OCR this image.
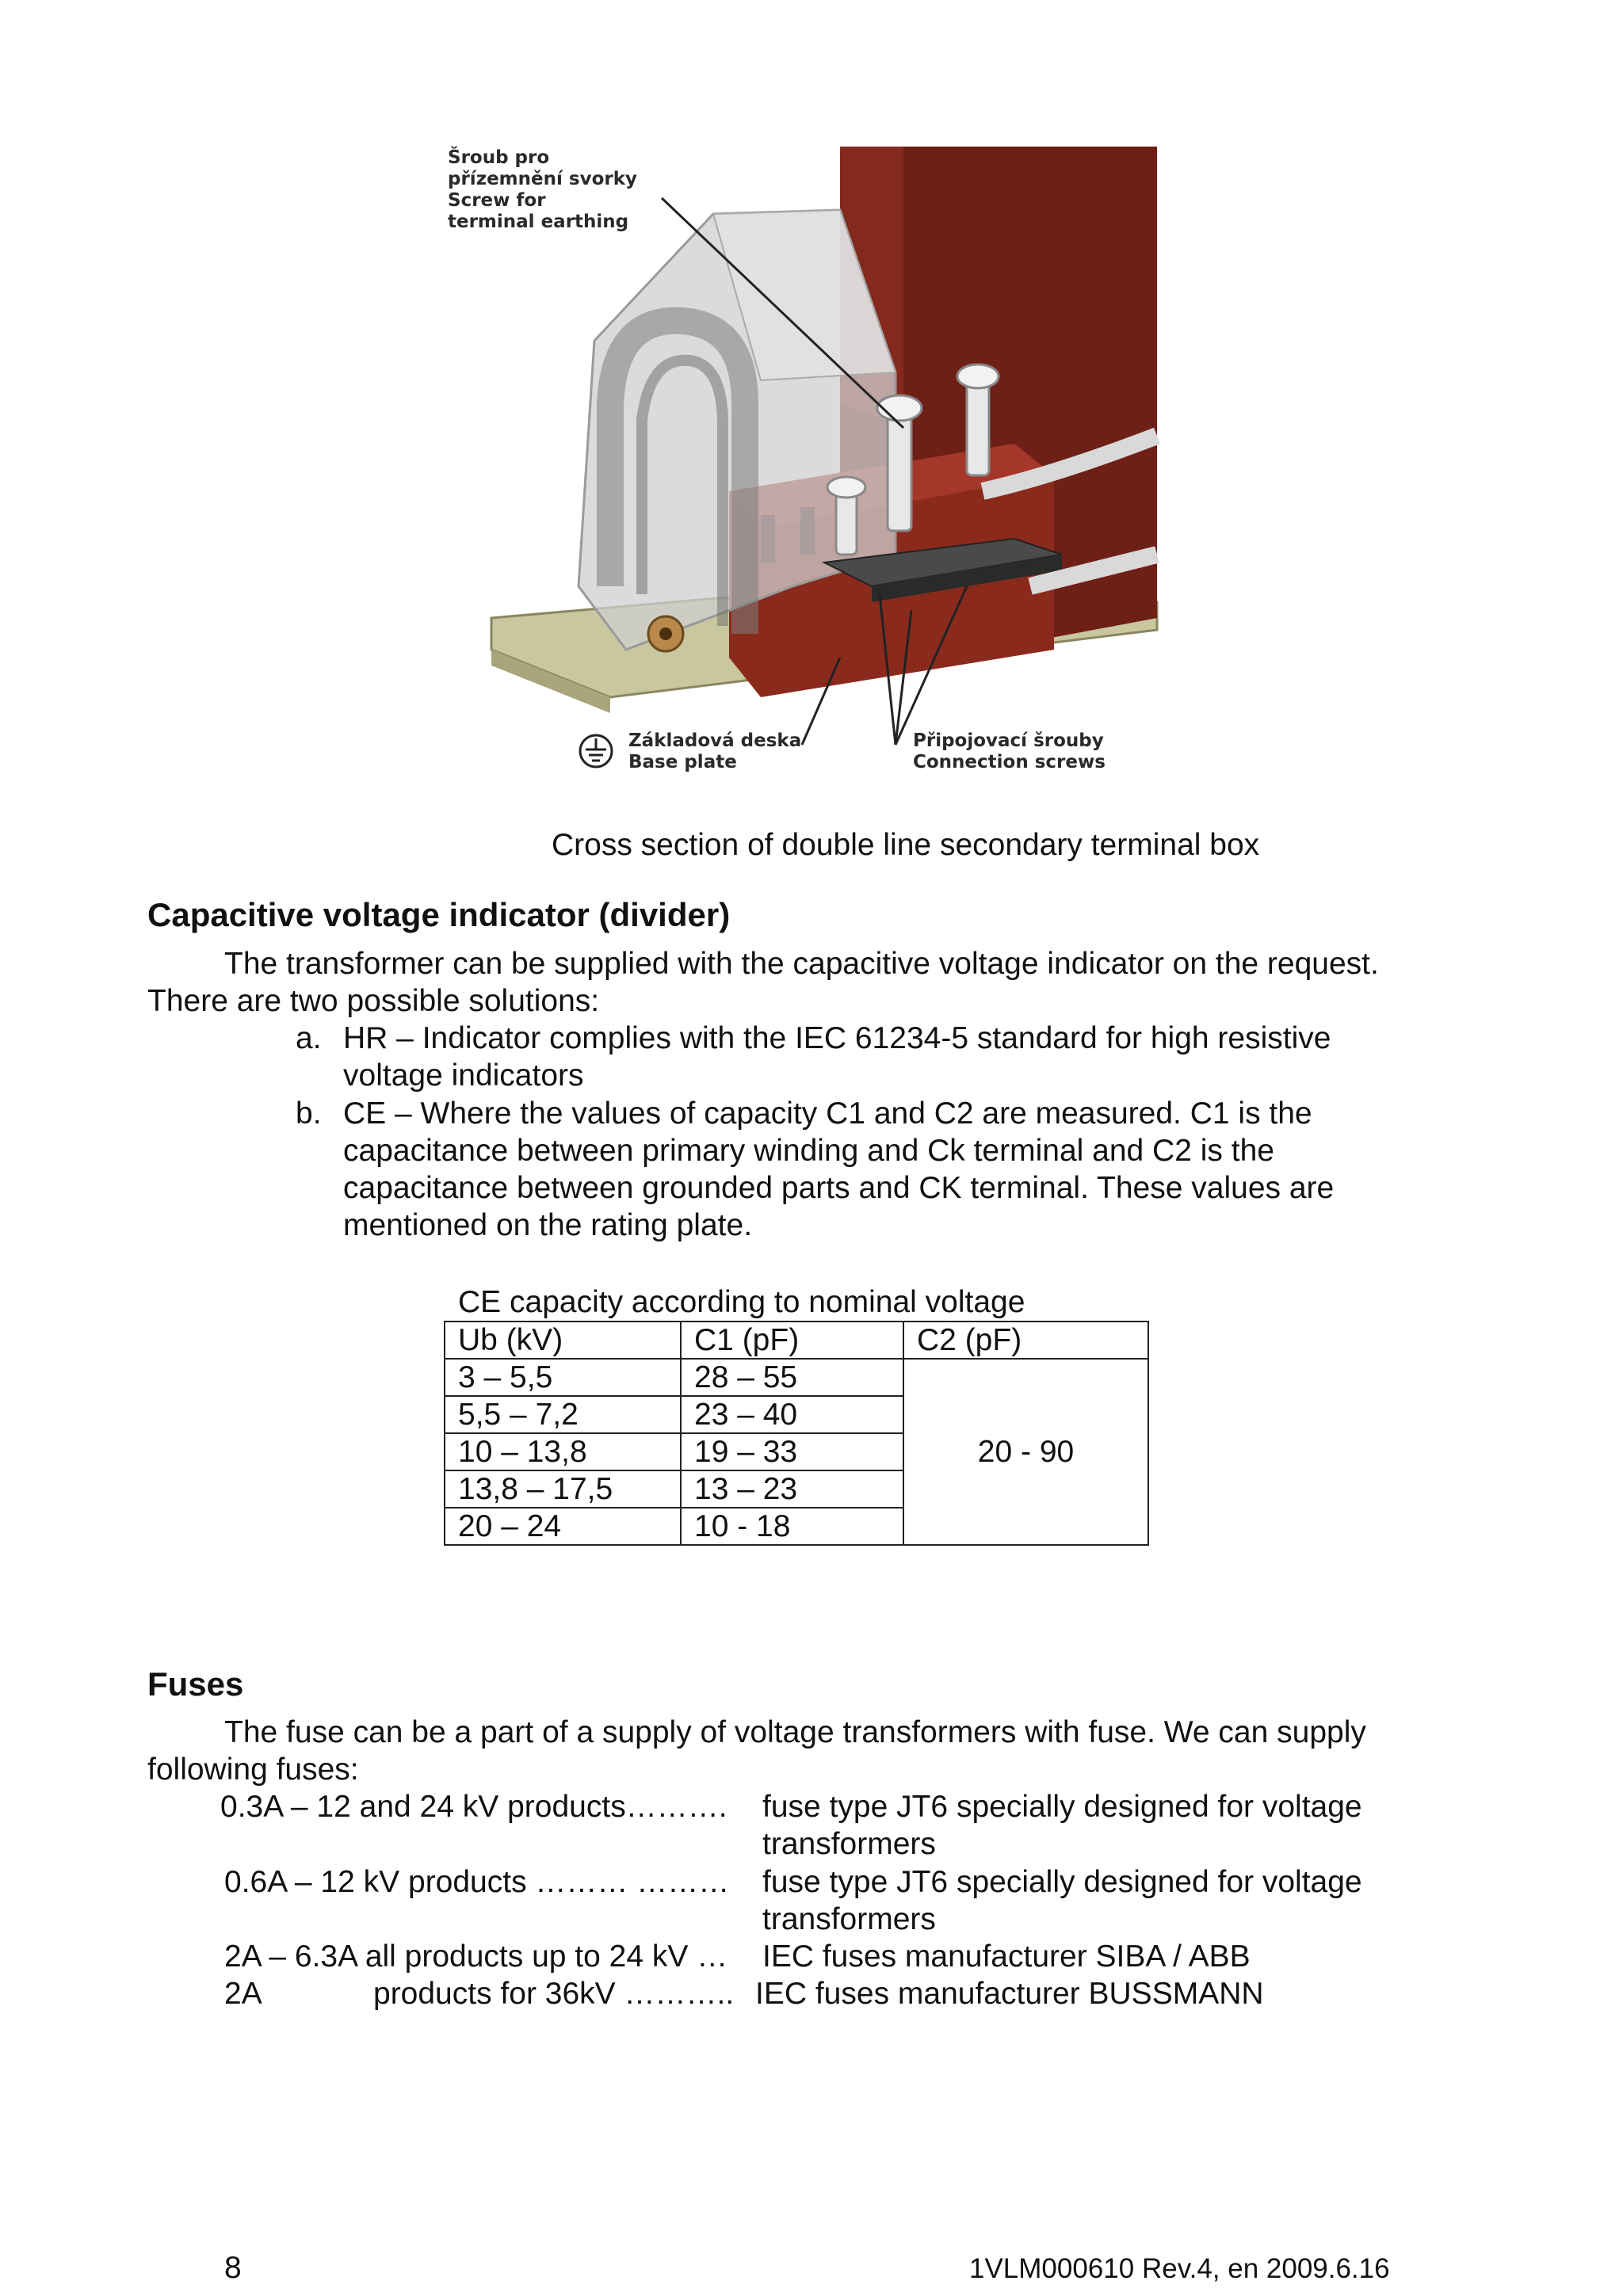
Šroub pro
přízemnění svorky
Screw for
terminal earthing
Základová deska
Base plate
Připojovací šrouby
Connection screws
Cross section of double line secondary terminal box
Capacitive voltage indicator (divider)
The transformer can be supplied with the capacitive voltage indicator on the request.
There are two possible solutions:
a. HR – Indicator complies with the IEC 61234-5 standard for high resistive
voltage indicators
b. CE – Where the values of capacity C1 and C2 are measured. C1 is the
capacitance between primary winding and Ck terminal and C2 is the
capacitance between grounded parts and CK terminal. These values are
mentioned on the rating plate.
CE capacity according to nominal voltage
Ub (kV)	C1 (pF)	C2 (pF)
3 – 5,5	28 – 55	20 - 90
5,5 – 7,2	23 – 40	
10 – 13,8	19 – 33	
13,8 – 17,5	13 – 23	
20 – 24	10 - 18	
Fuses
The fuse can be a part of a supply of voltage transformers with fuse. We can supply
following fuses:
0.3A – 12 and 24 kV products………. fuse type JT6 specially designed for voltage
transformers
0.6A – 12 kV products ……… ……… fuse type JT6 specially designed for voltage
transformers
2A – 6.3A all products up to 24 kV … IEC fuses manufacturer SIBA / ABB
2A	products for 36kV ……….. IEC fuses manufacturer BUSSMANN
8	1VLM000610 Rev.4, en 2009.6.16
